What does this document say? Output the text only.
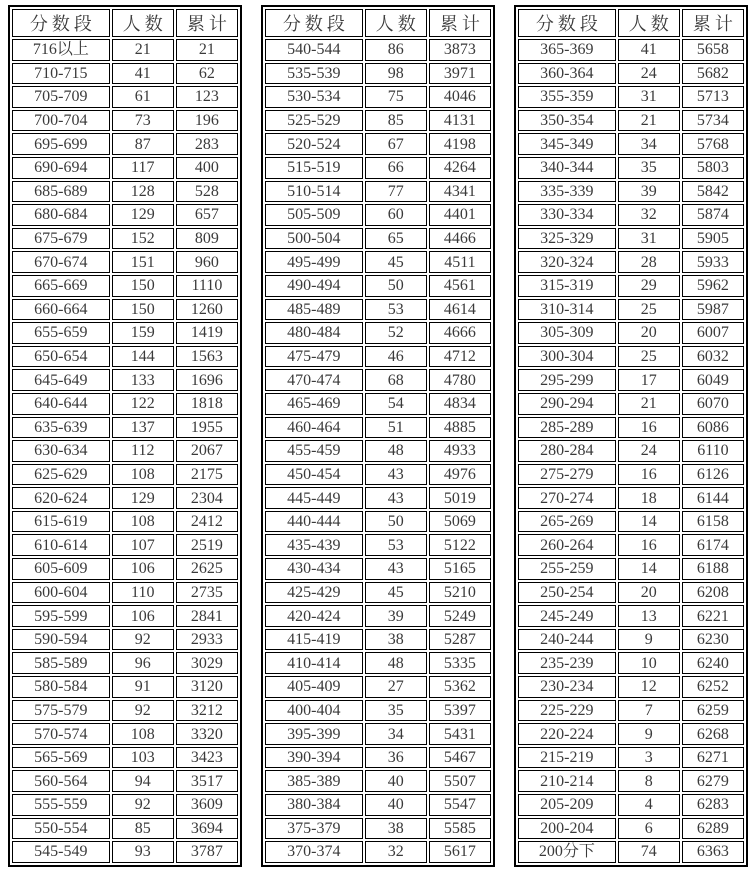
分数段	人数	累计
716以上	21	21
710-715	41	62
705-709	61	123
700-704	73	196
695-699	87	283
690-694	117	400
685-689	128	528
680-684	129	657
675-679	152	809
670-674	151	960
665-669	150	1110
660-664	150	1260
655-659	159	1419
650-654	144	1563
645-649	133	1696
640-644	122	1818
635-639	137	1955
630-634	112	2067
625-629	108	2175
620-624	129	2304
615-619	108	2412
610-614	107	2519
605-609	106	2625
600-604	110	2735
595-599	106	2841
590-594	92	2933
585-589	96	3029
580-584	91	3120
575-579	92	3212
570-574	108	3320
565-569	103	3423
560-564	94	3517
555-559	92	3609
550-554	85	3694
545-549	93	3787
分数段	人数	累计
540-544	86	3873
535-539	98	3971
530-534	75	4046
525-529	85	4131
520-524	67	4198
515-519	66	4264
510-514	77	4341
505-509	60	4401
500-504	65	4466
495-499	45	4511
490-494	50	4561
485-489	53	4614
480-484	52	4666
475-479	46	4712
470-474	68	4780
465-469	54	4834
460-464	51	4885
455-459	48	4933
450-454	43	4976
445-449	43	5019
440-444	50	5069
435-439	53	5122
430-434	43	5165
425-429	45	5210
420-424	39	5249
415-419	38	5287
410-414	48	5335
405-409	27	5362
400-404	35	5397
395-399	34	5431
390-394	36	5467
385-389	40	5507
380-384	40	5547
375-379	38	5585
370-374	32	5617
分数段	人数	累计
365-369	41	5658
360-364	24	5682
355-359	31	5713
350-354	21	5734
345-349	34	5768
340-344	35	5803
335-339	39	5842
330-334	32	5874
325-329	31	5905
320-324	28	5933
315-319	29	5962
310-314	25	5987
305-309	20	6007
300-304	25	6032
295-299	17	6049
290-294	21	6070
285-289	16	6086
280-284	24	6110
275-279	16	6126
270-274	18	6144
265-269	14	6158
260-264	16	6174
255-259	14	6188
250-254	20	6208
245-249	13	6221
240-244	9	6230
235-239	10	6240
230-234	12	6252
225-229	7	6259
220-224	9	6268
215-219	3	6271
210-214	8	6279
205-209	4	6283
200-204	6	6289
200分下	74	6363
